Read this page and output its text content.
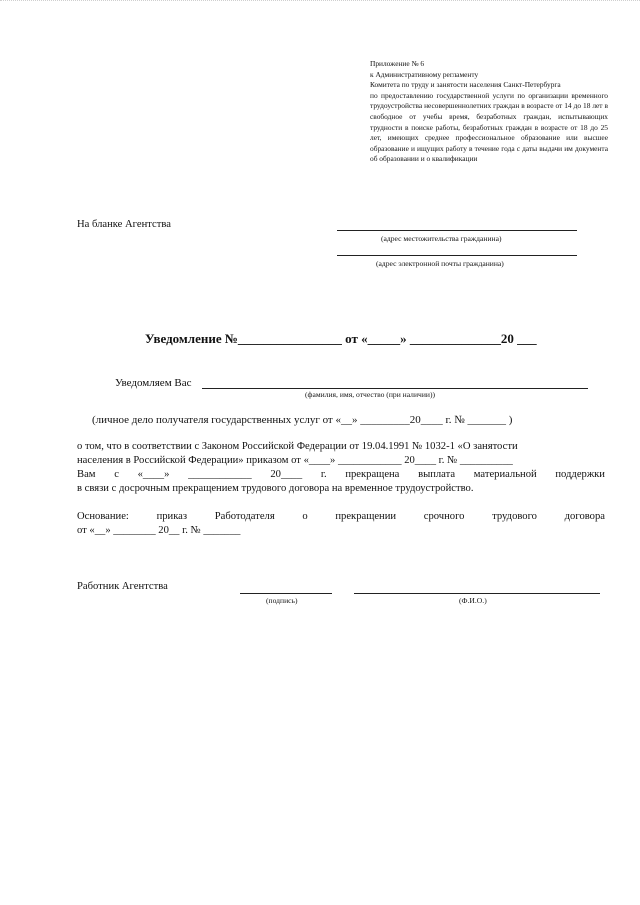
Приложение № 6
к Административному регламенту
Комитета по труду и занятости населения Санкт-Петербурга
по предоставлению государственной услуги по организации временного трудоустройства несовершеннолетних граждан в возрасте от 14 до 18 лет в свободное от учебы время, безработных граждан, испытывающих трудности в поиске работы, безработных граждан в возрасте от 18 до 25 лет, имеющих среднее профессиональное образование или высшее образование и ищущих работу в течение года с даты выдачи им документа об образовании и о квалификации
На бланке Агентства
(адрес местожительства гражданина)
(адрес электронной почты гражданина)
Уведомление №________________ от «_____» ______________20 ___
Уведомляем Вас
(фамилия, имя, отчество (при наличии))
(личное дело получателя государственных услуг от «__» _________20____ г. № _______ )
о том, что в соответствии с Законом Российской Федерации от 19.04.1991 № 1032-1 «О занятости
населения в Российской Федерации» приказом от «____» ____________ 20____ г. № __________
Вам с «____» ____________ 20____ г. прекращена выплата материальной поддержки
в связи с досрочным прекращением трудового договора на временное трудоустройство.
Основание:	приказ	Работодателя	о	прекращении	срочного	трудового	договора
от «__» ________ 20__ г. № _______
Работник Агентства
(подпись)	(Ф.И.О.)
